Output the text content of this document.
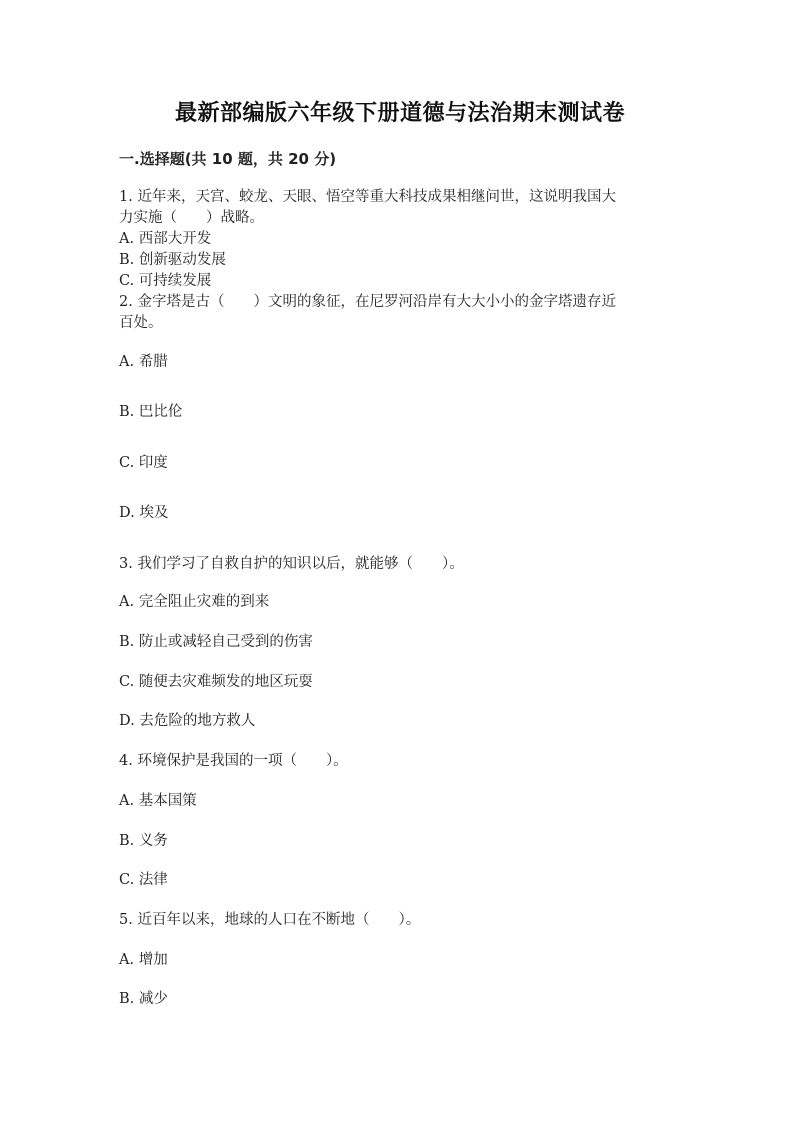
最新部编版六年级下册道德与法治期末测试卷
一.选择题(共 10 题，共 20 分)
1. 近年来，天宫、蛟龙、天眼、悟空等重大科技成果相继问世，这说明我国大
力实施（　　）战略。
A. 西部大开发
B. 创新驱动发展
C. 可持续发展
2. 金字塔是古（　　）文明的象征，在尼罗河沿岸有大大小小的金字塔遗存近
百处。
A. 希腊
B. 巴比伦
C. 印度
D. 埃及
3. 我们学习了自救自护的知识以后，就能够（　　）。
A. 完全阻止灾难的到来
B. 防止或减轻自己受到的伤害
C. 随便去灾难频发的地区玩耍
D. 去危险的地方救人
4. 环境保护是我国的一项（　　）。
A. 基本国策
B. 义务
C. 法律
5. 近百年以来，地球的人口在不断地（　　）。
A. 增加
B. 减少
